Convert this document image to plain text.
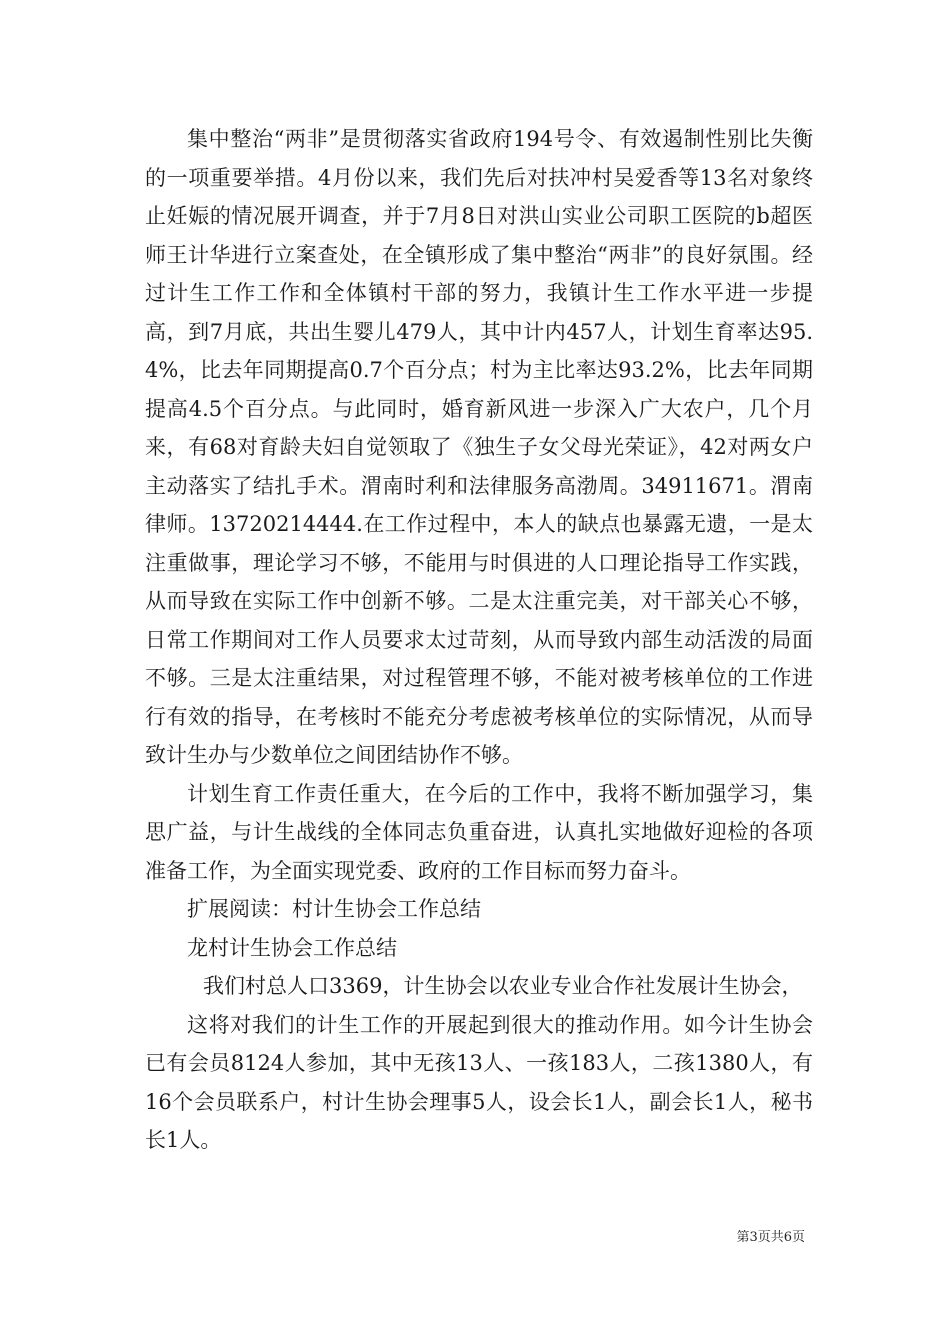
集中整治“两非”是贯彻落实省政府194号令、有效遏制性别比失衡的一项重要举措。4月份以来，我们先后对扶冲村吴爱香等13名对象终止妊娠的情况展开调查，并于7月8日对洪山实业公司职工医院的b超医师王计华进行立案查处，在全镇形成了集中整治“两非”的良好氛围。经过计生工作工作和全体镇村干部的努力，我镇计生工作水平进一步提高，到7月底，共出生婴儿479人，其中计内457人，计划生育率达95.4%，比去年同期提高0.7个百分点；村为主比率达93.2%，比去年同期提高4.5个百分点。与此同时，婚育新风进一步深入广大农户，几个月来，有68对育龄夫妇自觉领取了《独生子女父母光荣证》，42对两女户主动落实了结扎手术。渭南时利和法律服务高渤周。34911671。渭南律师。13720214444.在工作过程中，本人的缺点也暴露无遗，一是太注重做事，理论学习不够，不能用与时俱进的人口理论指导工作实践，从而导致在实际工作中创新不够。二是太注重完美，对干部关心不够，日常工作期间对工作人员要求太过苛刻，从而导致内部生动活泼的局面不够。三是太注重结果，对过程管理不够，不能对被考核单位的工作进行有效的指导，在考核时不能充分考虑被考核单位的实际情况，从而导致计生办与少数单位之间团结协作不够。

计划生育工作责任重大，在今后的工作中，我将不断加强学习，集思广益，与计生战线的全体同志负重奋进，认真扎实地做好迎检的各项准备工作，为全面实现党委、政府的工作目标而努力奋斗。

扩展阅读：村计生协会工作总结

龙村计生协会工作总结

我们村总人口3369，计生协会以农业专业合作社发展计生协会，

这将对我们的计生工作的开展起到很大的推动作用。如今计生协会已有会员8124人参加，其中无孩13人、一孩183人，二孩1380人，有16个会员联系户，村计生协会理事5人，设会长1人，副会长1人，秘书长1人。

第3页共6页
